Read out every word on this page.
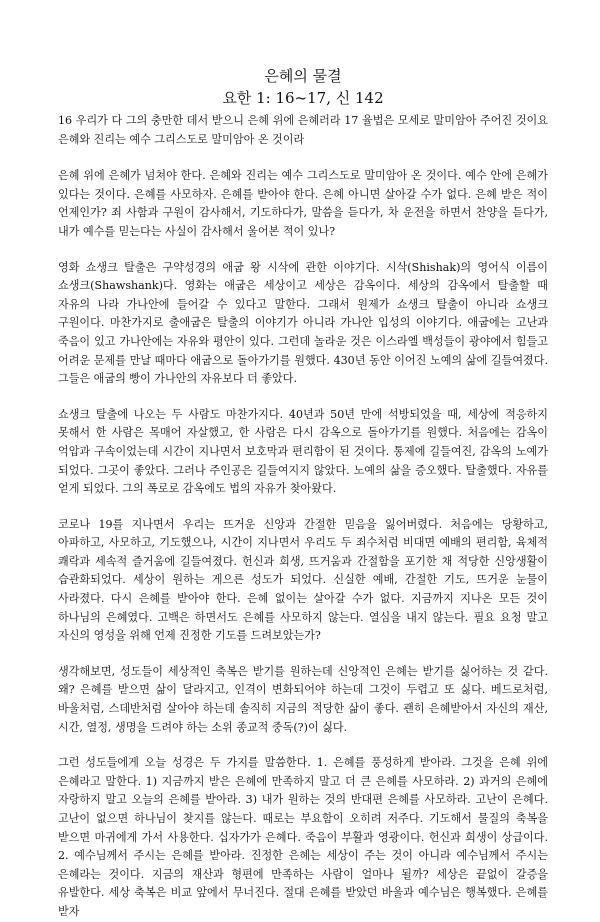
은혜의 물결
요한 1: 16~17, 신 142

16 우리가 다 그의 충만한 데서 받으니 은혜 위에 은혜러라 17 율법은 모세로 말미암아 주어진 것이요 은혜와 진리는 예수 그리스도로 말미암아 온 것이라

은혜 위에 은혜가 넘쳐야 한다. 은혜와 진리는 예수 그리스도로 말미암아 온 것이다. 예수 안에 은혜가 있다는 것이다. 은혜를 사모하자. 은혜를 받아야 한다. 은혜 아니면 살아갈 수가 없다. 은혜 받은 적이 언제인가? 죄 사함과 구원이 감사해서, 기도하다가, 말씀을 듣다가, 차 운전을 하면서 찬양을 듣다가, 내가 예수를 믿는다는 사실이 감사해서 울어본 적이 있나?

영화 쇼생크 탈출은 구약성경의 애굽 왕 시삭에 관한 이야기다. 시삭(Shishak)의 영어식 이름이 쇼생크(Shawshank)다. 영화는 애굽은 세상이고 세상은 감옥이다. 세상의 감옥에서 탈출할 때 자유의 나라 가나안에 들어갈 수 있다고 말한다. 그래서 원제가 쇼생크 탈출이 아니라 쇼생크 구원이다. 마찬가지로 출애굽은 탈출의 이야기가 아니라 가나안 입성의 이야기다. 애굽에는 고난과 죽음이 있고 가나안에는 자유와 평안이 있다. 그런데 놀라운 것은 이스라엘 백성들이 광야에서 힘들고 어려운 문제를 만날 때마다 애굽으로 돌아가기를 원했다. 430년 동안 이어진 노예의 삶에 길들여졌다. 그들은 애굽의 빵이 가나안의 자유보다 더 좋았다.

쇼생크 탈출에 나오는 두 사람도 마찬가지다. 40년과 50년 만에 석방되었을 때, 세상에 적응하지 못해서 한 사람은 목매어 자살했고, 한 사람은 다시 감옥으로 돌아가기를 원했다. 처음에는 감옥이 억압과 구속이었는데 시간이 지나면서 보호막과 편리함이 된 것이다. 통제에 길들여진, 감옥의 노예가 되었다. 그곳이 좋았다. 그러나 주인공은 길들여지지 않았다. 노예의 삶을 증오했다. 탈출했다. 자유를 얻게 되었다. 그의 폭로로 감옥에도 법의 자유가 찾아왔다.

코로나 19를 지나면서 우리는 뜨거운 신앙과 간절한 믿음을 잃어버렸다. 처음에는 당황하고, 아파하고, 사모하고, 기도했으나, 시간이 지나면서 우리도 두 죄수처럼 비대면 예배의 편리함, 육체적 쾌락과 세속적 즐거움에 길들여졌다. 헌신과 희생, 뜨거움과 간절함을 포기한 채 적당한 신앙생활이 습관화되었다. 세상이 원하는 게으른 성도가 되었다. 신실한 예배, 간절한 기도, 뜨거운 눈물이 사라졌다. 다시 은혜를 받아야 한다. 은혜 없이는 살아갈 수가 없다. 지금까지 지나온 모든 것이 하나님의 은혜였다. 고백은 하면서도 은혜를 사모하지 않는다. 열심을 내지 않는다. 필요 요청 말고 자신의 영성을 위해 언제 진정한 기도를 드려보았는가?

생각해보면, 성도들이 세상적인 축복은 받기를 원하는데 신앙적인 은혜는 받기를 싫어하는 것 같다. 왜? 은혜를 받으면 삶이 달라지고, 인격이 변화되어야 하는데 그것이 두렵고 또 싫다. 베드로처럼, 바울처럼, 스데반처럼 살아야 하는데 솔직히 지금의 적당한 삶이 좋다. 괜히 은혜받아서 자신의 재산, 시간, 열정, 생명을 드려야 하는 소위 종교적 중독(?)이 싫다.

그런 성도들에게 오늘 성경은 두 가지를 말씀한다. 1. 은혜를 풍성하게 받아라. 그것을 은혜 위에 은혜라고 말한다. 1) 지금까지 받은 은혜에 만족하지 말고 더 큰 은혜를 사모하라. 2) 과거의 은혜에 자랑하지 말고 오늘의 은혜를 받아라. 3) 내가 원하는 것의 반대편 은혜를 사모하라. 고난이 은혜다. 고난이 없으면 하나님이 찾지를 않는다. 때로는 부요함이 오히려 저주다. 기도해서 물질의 축복을 받으면 마귀에게 가서 사용한다. 십자가가 은혜다. 죽음이 부활과 영광이다. 헌신과 희생이 상급이다. 2. 예수님께서 주시는 은혜를 받아라. 진정한 은혜는 세상이 주는 것이 아니라 예수님께서 주시는 은혜라는 것이다. 지금의 재산과 형편에 만족하는 사람이 얼마나 될까? 세상은 끝없이 갈증을 유발한다. 세상 축복은 비교 앞에서 무너진다. 절대 은혜를 받았던 바울과 예수님은 행복했다. 은혜를 받자
